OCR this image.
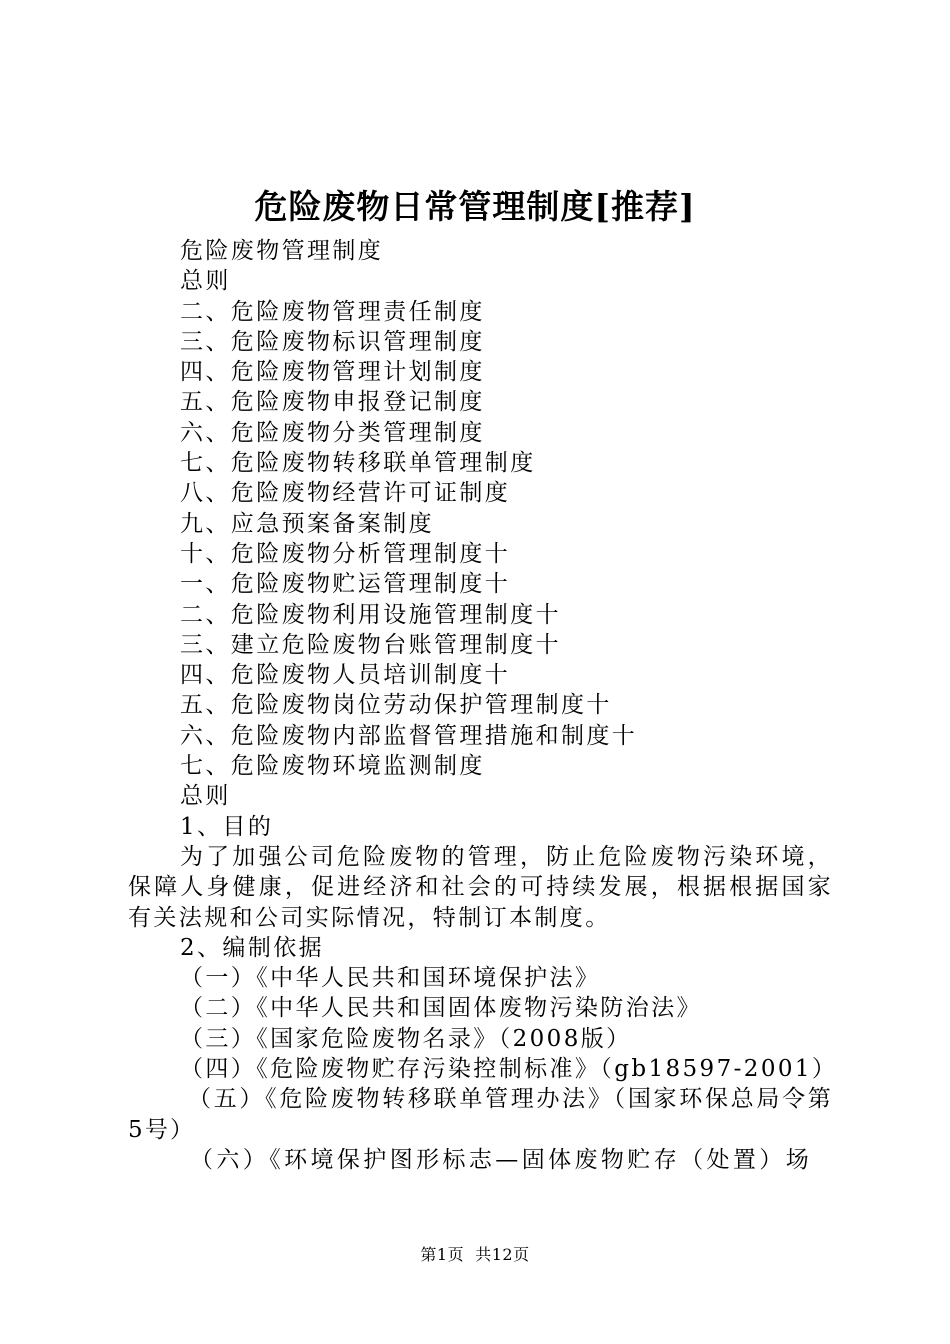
危险废物日常管理制度[推荐]
危险废物管理制度
总则
二、危险废物管理责任制度
三、危险废物标识管理制度
四、危险废物管理计划制度
五、危险废物申报登记制度
六、危险废物分类管理制度
七、危险废物转移联单管理制度
八、危险废物经营许可证制度
九、应急预案备案制度
十、危险废物分析管理制度十
一、危险废物贮运管理制度十
二、危险废物利用设施管理制度十
三、建立危险废物台账管理制度十
四、危险废物人员培训制度十
五、危险废物岗位劳动保护管理制度十
六、危险废物内部监督管理措施和制度十
七、危险废物环境监测制度
总则
1、目的

为了加强公司危险废物的管理，防止危险废物污染环境，保障人身健康，促进经济和社会的可持续发展，根据根据国家有关法规和公司实际情况，特制订本制度。

2、编制依据
（一）《中华人民共和国环境保护法》
（二）《中华人民共和国固体废物污染防治法》
（三）《国家危险废物名录》（2008版）
（四）《危险废物贮存污染控制标准》（gb18597-2001）

（五）《危险废物转移联单管理办法》（国家环保总局令第5号）

（六）《环境保护图形标志—固体废物贮存（处置）场
第1页  共12页
